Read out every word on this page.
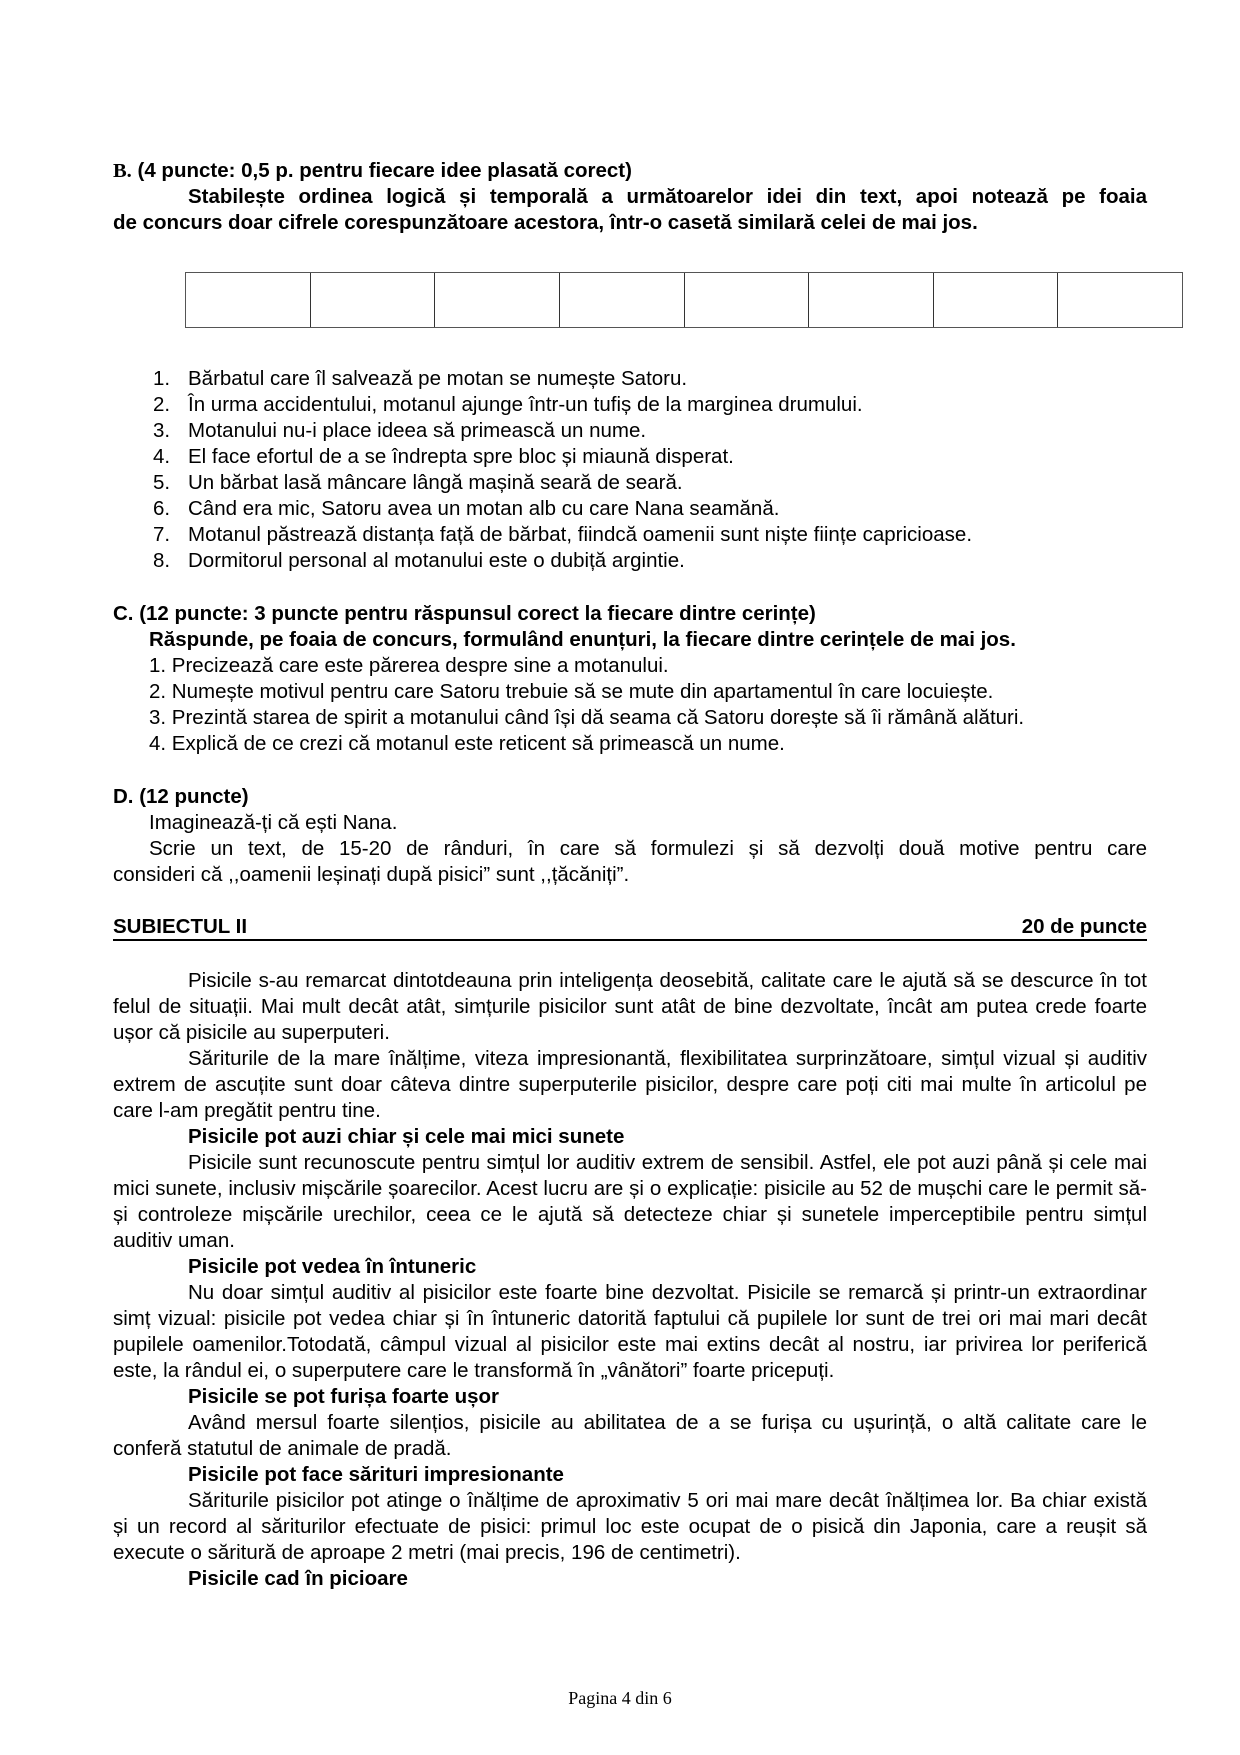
B. (4 puncte: 0,5 p. pentru fiecare idee plasată corect)
Stabilește ordinea logică și temporală a următoarelor idei din text, apoi notează pe foaia
de concurs doar cifrele corespunzătoare acestora, într-o casetă similară celei de mai jos.
1. Bărbatul care îl salvează pe motan se numește Satoru.
2. În urma accidentului, motanul ajunge într-un tufiș de la marginea drumului.
3. Motanului nu-i place ideea să primească un nume.
4. El face efortul de a se îndrepta spre bloc și miaună disperat.
5. Un bărbat lasă mâncare lângă mașină seară de seară.
6. Când era mic, Satoru avea un motan alb cu care Nana seamănă.
7. Motanul păstrează distanța față de bărbat, fiindcă oamenii sunt niște ființe capricioase.
8. Dormitorul personal al motanului este o dubiță argintie.
C. (12 puncte: 3 puncte pentru răspunsul corect la fiecare dintre cerințe)
Răspunde, pe foaia de concurs, formulând enunțuri, la fiecare dintre cerințele de mai jos.
1. Precizează care este părerea despre sine a motanului.
2. Numește motivul pentru care Satoru trebuie să se mute din apartamentul în care locuiește.
3. Prezintă starea de spirit a motanului când își dă seama că Satoru dorește să îi rămână alături.
4. Explică de ce crezi că motanul este reticent să primească un nume.
D. (12 puncte)
Imaginează-ți că ești Nana.
Scrie un text, de 15-20 de rânduri, în care să formulezi și să dezvolți două motive pentru care
consideri că ,,oamenii leșinați după pisici” sunt ,,țăcăniți”.
SUBIECTUL II	20 de puncte

Pisicile s-au remarcat dintotdeauna prin inteligența deosebită, calitate care le ajută să se descurce în tot felul de situații. Mai mult decât atât, simțurile pisicilor sunt atât de bine dezvoltate, încât am putea crede foarte ușor că pisicile au superputeri.

Săriturile de la mare înălțime, viteza impresionantă, flexibilitatea surprinzătoare, simțul vizual și auditiv extrem de ascuțite sunt doar câteva dintre superputerile pisicilor, despre care poți citi mai multe în articolul pe care l-am pregătit pentru tine.

Pisicile pot auzi chiar și cele mai mici sunete

Pisicile sunt recunoscute pentru simțul lor auditiv extrem de sensibil. Astfel, ele pot auzi până și cele mai mici sunete, inclusiv mișcările șoarecilor. Acest lucru are și o explicație: pisicile au 52 de mușchi care le permit să-și controleze mișcările urechilor, ceea ce le ajută să detecteze chiar și sunetele imperceptibile pentru simțul auditiv uman.

Pisicile pot vedea în întuneric

Nu doar simțul auditiv al pisicilor este foarte bine dezvoltat. Pisicile se remarcă și printr-un extraordinar simț vizual: pisicile pot vedea chiar și în întuneric datorită faptului că pupilele lor sunt de trei ori mai mari decât pupilele oamenilor.Totodată, câmpul vizual al pisicilor este mai extins decât al nostru, iar privirea lor periferică este, la rândul ei, o superputere care le transformă în „vânători” foarte pricepuți.

Pisicile se pot furișa foarte ușor

Având mersul foarte silențios, pisicile au abilitatea de a se furișa cu ușurință, o altă calitate care le conferă statutul de animale de pradă.

Pisicile pot face sărituri impresionante

Săriturile pisicilor pot atinge o înălțime de aproximativ 5 ori mai mare decât înălțimea lor. Ba chiar există și un record al săriturilor efectuate de pisici: primul loc este ocupat de o pisică din Japonia, care a reușit să execute o săritură de aproape 2 metri (mai precis, 196 de centimetri).

Pisicile cad în picioare
Pagina 4 din 6
